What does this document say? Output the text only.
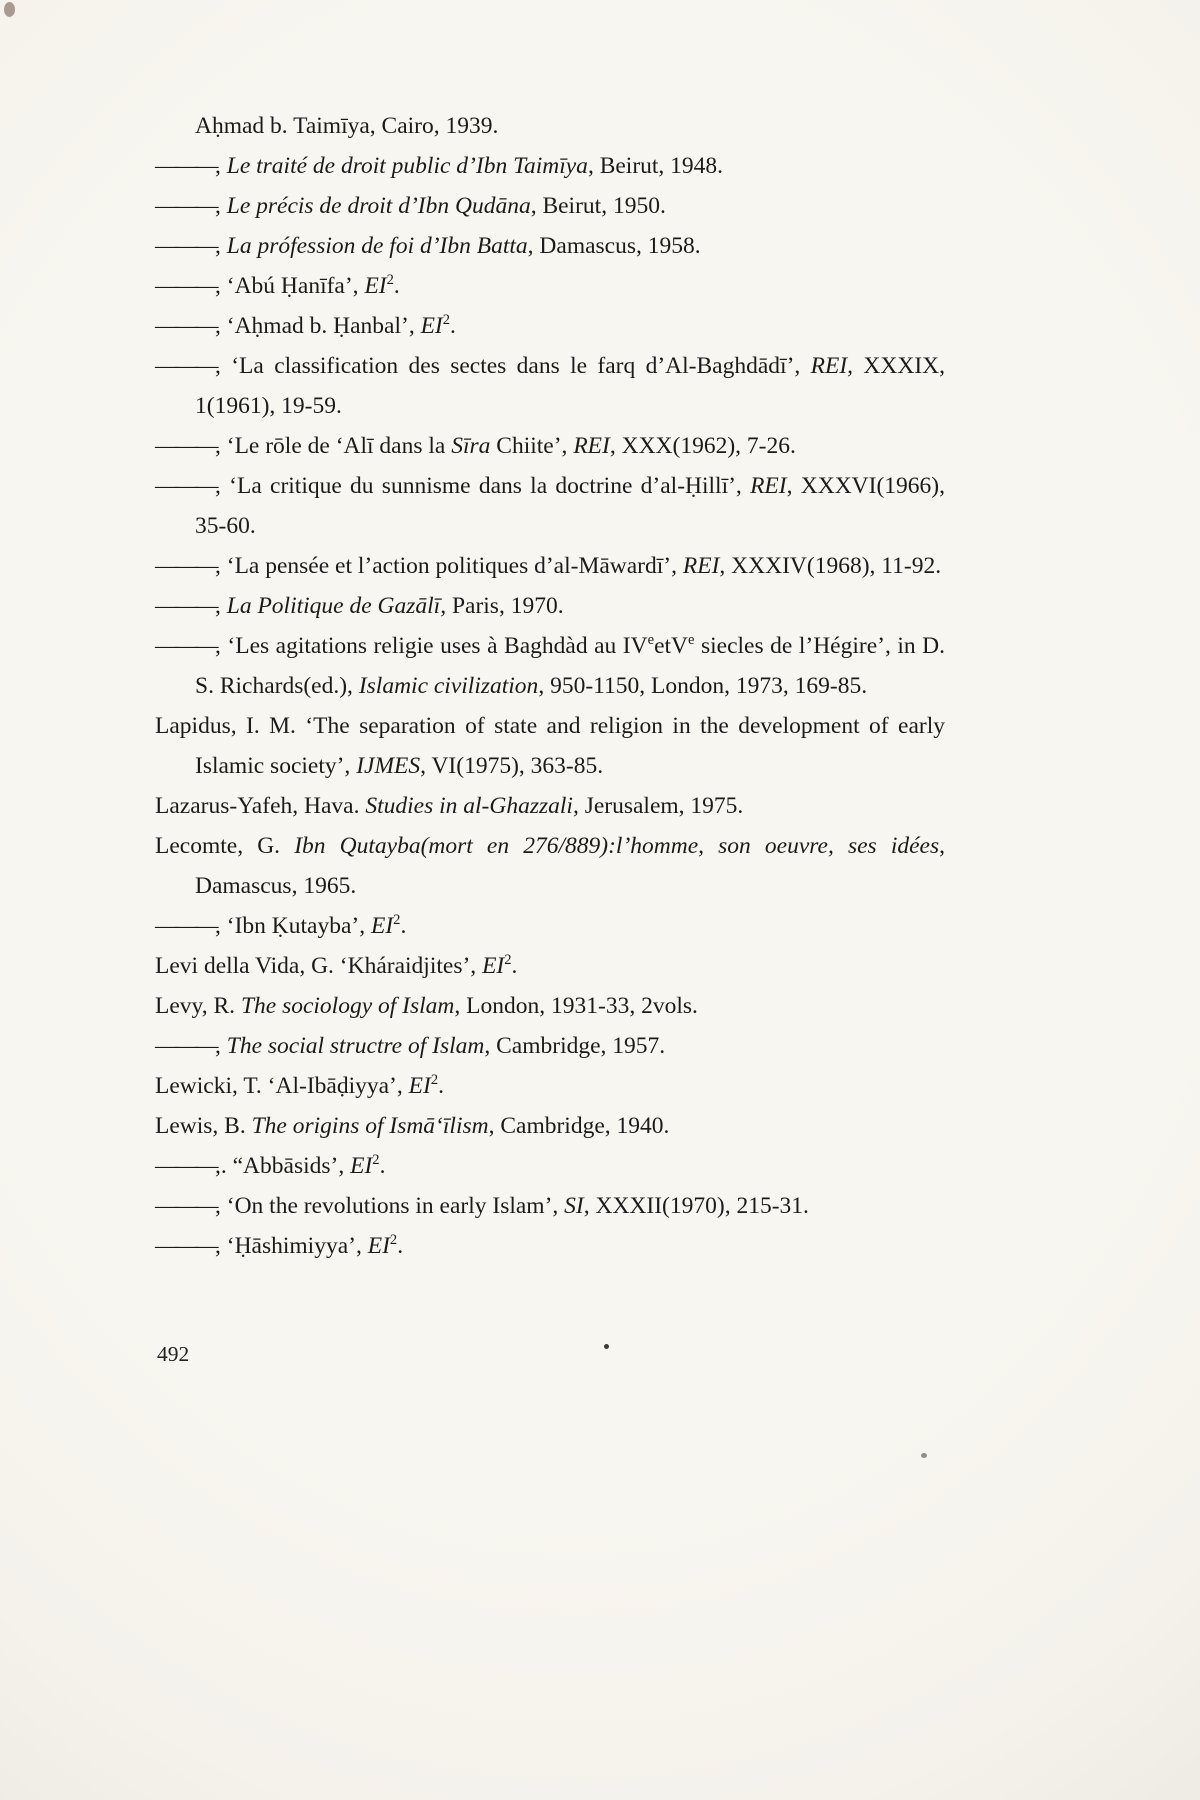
Aḥmad b. Taimīya, Cairo, 1939.

———, Le traité de droit public d’Ibn Taimīya, Beirut, 1948.

———, Le précis de droit d’Ibn Qudāna, Beirut, 1950.

———, La prófession de foi d’Ibn Batta, Damascus, 1958.

———, ‘Abú Ḥanīfa’, $EI^2$.

———, ‘Aḥmad b. Ḥanbal’, $EI^2$.

———, ‘La classification des sectes dans le farq d’Al-Baghdādī’, REI, XXXIX, 1(1961), 19-59.

———, ‘Le rōle de ‘Alī dans la Sīra Chiite’, REI, XXX(1962), 7-26.

———, ‘La critique du sunnisme dans la doctrine d’al-Ḥillī’, REI, XXXVI(1966), 35-60.

———, ‘La pensée et l’action politiques d’al-Māwardī’, REI, XXXIV(1968), 11-92.

———, La Politique de Gazālī, Paris, 1970.

———, ‘Les agitations religie uses à Baghdàd au IVeetV$^e$ siecles de l’Hégire’, in D. S. Richards(ed.), Islamic civilization, 950-1150, London, 1973, 169-85.

Lapidus, I. M. ‘The separation of state and religion in the development of early Islamic society’, IJMES, VI(1975), 363-85.

Lazarus-Yafeh, Hava. Studies in al-Ghazzali, Jerusalem, 1975.

Lecomte, G. Ibn Qutayba(mort en 276/889):l’homme, son oeuvre, ses idées, Damascus, 1965.

———, ‘Ibn Ḳutayba’, $EI^2$.

Levi della Vida, G. ‘Kháraidjites’, $EI^2$.

Levy, R. The sociology of Islam, London, 1931-33, 2vols.

———, The social structre of Islam, Cambridge, 1957.

Lewicki, T. ‘Al-Ibāḍiyya’, $EI^2$.

Lewis, B. The origins of Ismā‘īlism, Cambridge, 1940.

———,. “Abbāsids’, $EI^2$.

———, ‘On the revolutions in early Islam’, SI, XXXII(1970), 215-31.

———, ‘Ḥāshimiyya’, $EI^2$.

492
